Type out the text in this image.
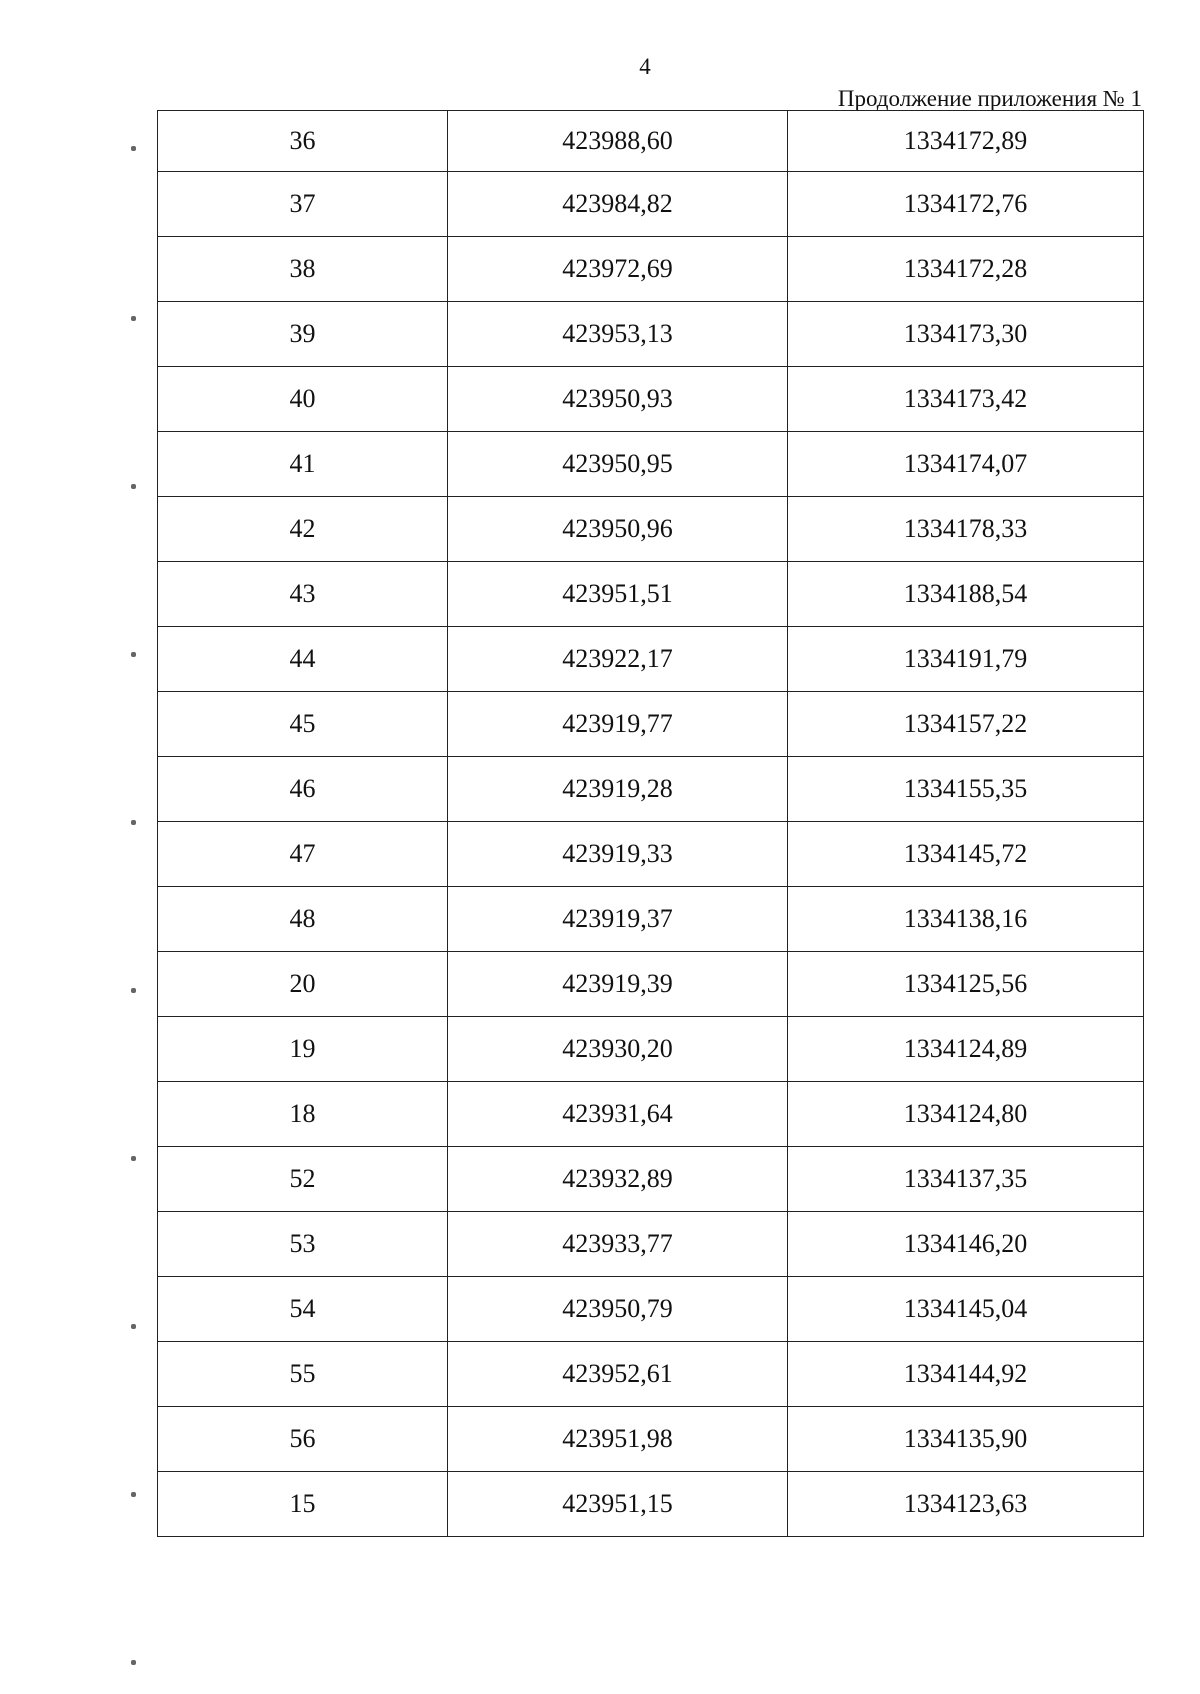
4
Продолжение приложения № 1
36	423988,60	1334172,89
37	423984,82	1334172,76
38	423972,69	1334172,28
39	423953,13	1334173,30
40	423950,93	1334173,42
41	423950,95	1334174,07
42	423950,96	1334178,33
43	423951,51	1334188,54
44	423922,17	1334191,79
45	423919,77	1334157,22
46	423919,28	1334155,35
47	423919,33	1334145,72
48	423919,37	1334138,16
20	423919,39	1334125,56
19	423930,20	1334124,89
18	423931,64	1334124,80
52	423932,89	1334137,35
53	423933,77	1334146,20
54	423950,79	1334145,04
55	423952,61	1334144,92
56	423951,98	1334135,90
15	423951,15	1334123,63
